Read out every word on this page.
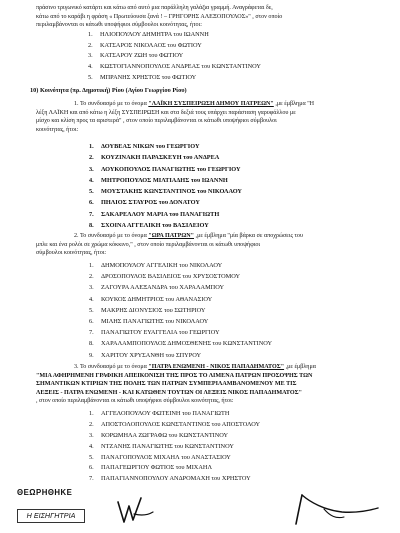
πράσινο τριγωνικό κατάρτι και κάτω από αυτό μια παράλληλη γαλάζια γραμμή. Αναγράφεται δε,
κάτω από το καράβι η φράση « Πρωτεύουσα ξανά ! – ΓΡΗΓΟΡΗΣ ΑΛΕΞΟΠΟΥΛΟΣ»" , στον οποίο
περιλαμβάνονται οι κάτωθι υποψήφιοι σύμβουλοι κοινότητας, ήτοι:
1. ΗΛΙΟΠΟΥΛΟΥ ΔΗΜΗΤΡΑ του ΙΩΑΝΝΗ
2. ΚΑΤΣΑΡΟΣ ΝΙΚΟΛΑΟΣ του ΦΩΤΙΟΥ
3. ΚΑΤΣΑΡΟΥ ΖΩΗ του ΦΩΤΙΟΥ
4. ΚΩΣΤΟΓΙΑΝΝΟΠΟΥΛΟΣ ΑΝΔΡΕΑΣ του ΚΩΝΣΤΑΝΤΙΝΟΥ
5. ΜΠΡΑΝΗΣ ΧΡΗΣΤΟΣ του ΦΩΤΙΟΥ
10) Κοινότητα (πρ. Δημοτική) Ρίου (Αγίου Γεωργίου Ρίου)
1. Το συνδυασμό με το όνομα "ΛΑΪΚΗ ΣΥΣΠΕΙΡΩΣΗ ΔΗΜΟΥ ΠΑΤΡΕΩΝ" ,με έμβλημα "Η
λέξη ΛΑΪΚΗ και από κάτω η λέξη ΣΥΣΠΕΙΡΩΣΗ και στα δεξιά τους υπάρχει παράσταση γαρυφάλλου με
μίσχο και κλίση προς τα αριστερά" , στον οποίο περιλαμβάνονται οι κάτωθι υποψήφιοι σύμβουλοι
κοινότητας, ήτοι:
1. ΔΟΥΒΕΑΣ ΝΙΚΩΝ του ΓΕΩΡΓΙΟΥ
2. ΚΟΥΖΙΝΑΚΗ ΠΑΡΑΣΚΕΥΗ του ΑΝΔΡΕΑ
3. ΛΟΥΚΟΠΟΥΛΟΣ ΠΑΝΑΓΙΩΤΗΣ του ΓΕΩΡΓΙΟΥ
4. ΜΗΤΡΟΠΟΥΛΟΣ ΜΙΛΤΙΑΔΗΣ του ΙΩΑΝΝΗ
5. ΜΟΥΣΤΑΚΗΣ ΚΩΝΣΤΑΝΤΙΝΟΣ του ΝΙΚΟΛΑΟΥ
6. ΠΗΛΙΟΣ ΣΤΑΥΡΟΣ του ΔΟΝΑΤΟΥ
7. ΣΑΚΑΡΕΛΛΟΥ ΜΑΡΙΑ του ΠΑΝΑΓΙΩΤΗ
8. ΣΧΟΙΝΑ ΑΓΓΕΛΙΚΗ του ΒΑΣΙΛΕΙΟΥ
2. Το συνδυασμό με το όνομα "ΩΡΑ ΠΑΤΡΩΝ" ,με έμβλημα "μία βάρκα σε αποχρώσεις του
μπλε και ένα ρολόι σε χρώμα κόκκινο," , στον οποίο περιλαμβάνονται οι κάτωθι υποψήφιοι
σύμβουλοι κοινότητας, ήτοι:
1. ΔΗΜΟΠΟΥΛΟΥ ΑΓΓΕΛΙΚΗ του ΝΙΚΟΛΑΟΥ
2. ΔΡΟΣΟΠΟΥΛΟΣ ΒΑΣΙΛΕΙΟΣ του ΧΡΥΣΟΣΤΟΜΟΥ
3. ΖΑΓΟΥΡΑ ΑΛΕΞΑΝΔΡΑ του ΧΑΡΑΛΑΜΠΟΥ
4. ΚΟΥΚΟΣ ΔΗΜΗΤΡΙΟΣ του ΑΘΑΝΑΣΙΟΥ
5. ΜΑΚΡΗΣ ΔΙΟΝΥΣΙΟΣ του ΣΩΤΗΡΙΟΥ
6. ΜΙΛΗΣ ΠΑΝΑΓΙΩΤΗΣ του ΝΙΚΟΛΑΟΥ
7. ΠΑΝΑΓΙΩΤΟΥ ΕΥΑΓΓΕΛΙΑ του ΓΕΩΡΓΙΟΥ
8. ΧΑΡΑΛΑΜΠΟΠΟΥΛΟΣ ΔΗΜΟΣΘΕΝΗΣ του ΚΩΝΣΤΑΝΤΙΝΟΥ
9. ΧΑΡΙΤΟΥ ΧΡΥΣΑΝΘΗ του ΣΠΥΡΟΥ
3. Το συνδυασμό με το όνομα "ΠΑΤΡΑ ΕΝΩΜΕΝΗ - ΝΙΚΟΣ ΠΑΠΑΔΗΜΑΤΟΣ" ,με έμβλημα
"ΜΙΑ ΑΦΗΡΗΜΕΝΗ ΓΡΑΦΙΚΗ ΑΠΕΙΚΟΝΙΣΗ ΤΗΣ ΠΡΟΣ ΤΟ ΛΙΜΕΝΑ ΠΑΤΡΩΝ ΠΡΟΣΟΨΗΣ ΤΩΝ
ΣΗΜΑΝΤΙΚΩΝ ΚΤΙΡΙΩΝ ΤΗΣ ΠΟΛΗΣ ΤΩΝ ΠΑΤΡΩΝ ΣΥΜΠΕΡΙΛΑΜΒΑΝΟΜΕΝΟΥ ΜΕ ΤΙΣ
ΛΕΞΕΙΣ - ΠΑΤΡΑ ΕΝΩΜΕΝΗ - ΚΑΙ ΚΑΤΩΘΕΝ ΤΟΥΤΩΝ ΟΙ ΛΕΞΕΙΣ ΝΙΚΟΣ ΠΑΠΑΔΗΜΑΤΟΣ"
, στον οποίο περιλαμβάνονται οι κάτωθι υποψήφιοι σύμβουλοι κοινότητας, ήτοι:
1. ΑΓΓΕΛΟΠΟΥΛΟΥ ΦΩΤΕΙΝΗ του ΠΑΝΑΓΙΩΤΗ
2. ΑΠΟΣΤΟΛΟΠΟΥΛΟΣ ΚΩΝΣΤΑΝΤΙΝΟΣ του ΑΠΟΣΤΟΛΟΥ
3. ΚΟΡΩΜΗΛΑ ΖΩΓΡΑΦΩ του ΚΩΝΣΤΑΝΤΙΝΟΥ
4. ΝΤΖΑΝΗΣ ΠΑΝΑΓΙΩΤΗΣ του ΚΩΝΣΤΑΝΤΙΝΟΥ
5. ΠΑΝΑΓΟΠΟΥΛΟΣ ΜΙΧΑΗΛ του ΑΝΑΣΤΑΣΙΟΥ
6. ΠΑΠΑΓΕΩΡΓΙΟΥ ΦΩΤΙΟΣ του ΜΙΧΑΗΛ
7. ΠΑΠΑΓΙΑΝΝΟΠΟΥΛΟΥ ΑΝΔΡΟΜΑΧΗ του ΧΡΗΣΤΟΥ
ΘΕΩΡΗΘΗΚΕ
Η ΕΙΣΗΓΗΤΡΙΑ
